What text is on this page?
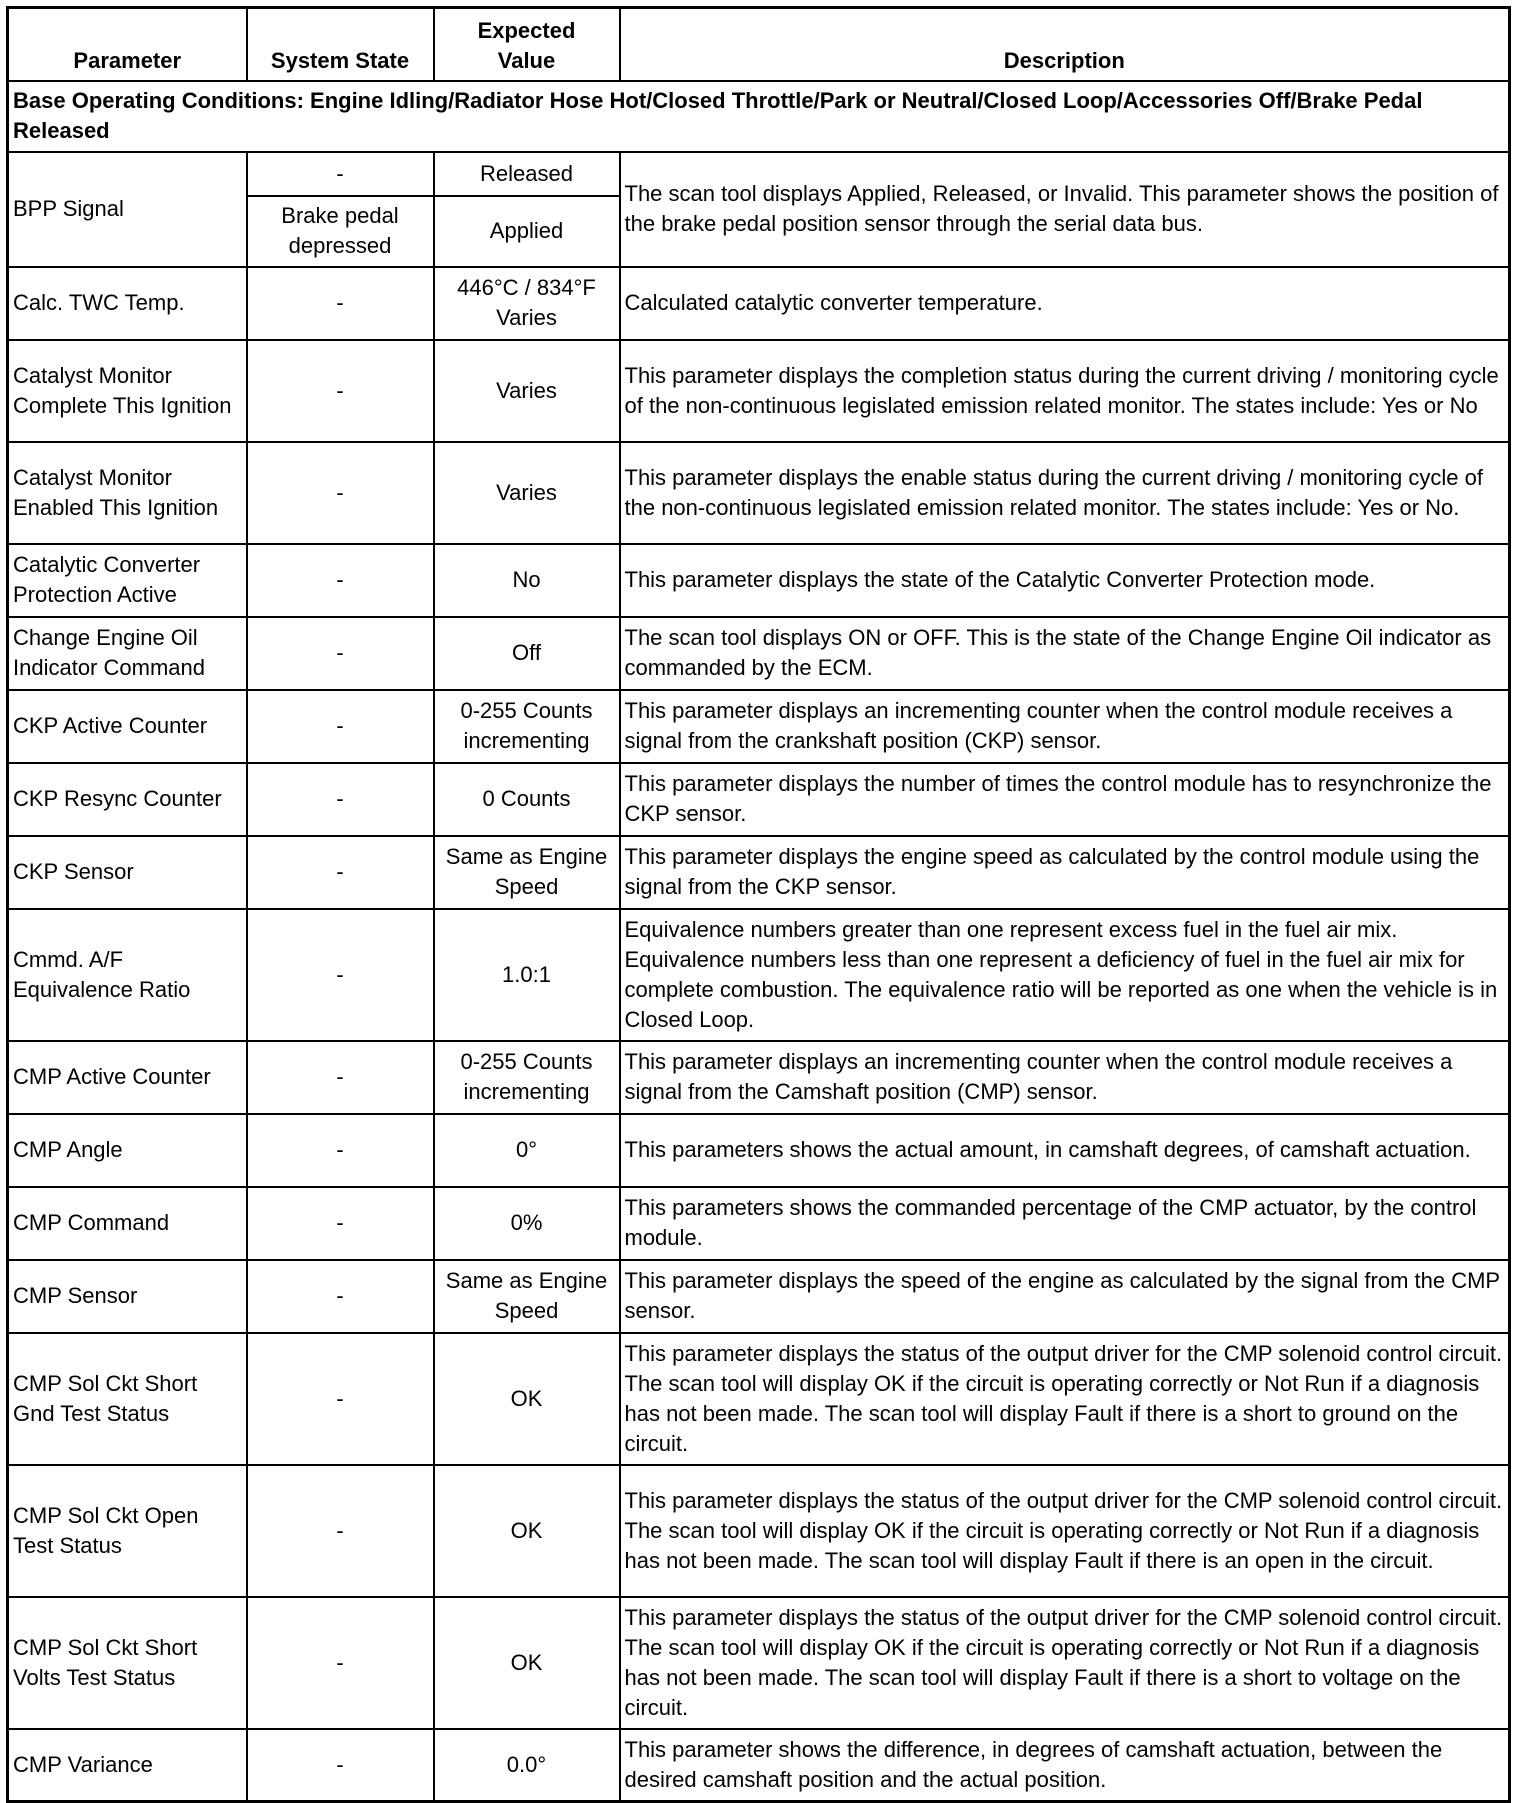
Parameter	System State	Expected Value	Description
Base Operating Conditions: Engine Idling/Radiator Hose Hot/Closed Throttle/Park or Neutral/Closed Loop/Accessories Off/Brake Pedal Released			
BPP Signal	-	Released	The scan tool displays Applied, Released, or Invalid. This parameter shows the position of the brake pedal position sensor through the serial data bus.
	Brake pedal depressed	Applied	
Calc. TWC Temp.	-	446°C / 834°F Varies	Calculated catalytic converter temperature.
Catalyst Monitor Complete This Ignition	-	Varies	This parameter displays the completion status during the current driving / monitoring cycle of the non-continuous legislated emission related monitor. The states include: Yes or No
Catalyst Monitor Enabled This Ignition	-	Varies	This parameter displays the enable status during the current driving / monitoring cycle of the non-continuous legislated emission related monitor. The states include: Yes or No.
Catalytic Converter Protection Active	-	No	This parameter displays the state of the Catalytic Converter Protection mode.
Change Engine Oil Indicator Command	-	Off	The scan tool displays ON or OFF. This is the state of the Change Engine Oil indicator as commanded by the ECM.
CKP Active Counter	-	0-255 Counts incrementing	This parameter displays an incrementing counter when the control module receives a signal from the crankshaft position (CKP) sensor.
CKP Resync Counter	-	0 Counts	This parameter displays the number of times the control module has to resynchronize the CKP sensor.
CKP Sensor	-	Same as Engine Speed	This parameter displays the engine speed as calculated by the control module using the signal from the CKP sensor.
Cmmd. A/F Equivalence Ratio	-	1.0:1	Equivalence numbers greater than one represent excess fuel in the fuel air mix. Equivalence numbers less than one represent a deficiency of fuel in the fuel air mix for complete combustion. The equivalence ratio will be reported as one when the vehicle is in Closed Loop.
CMP Active Counter	-	0-255 Counts incrementing	This parameter displays an incrementing counter when the control module receives a signal from the Camshaft position (CMP) sensor.
CMP Angle	-	0°	This parameters shows the actual amount, in camshaft degrees, of camshaft actuation.
CMP Command	-	0%	This parameters shows the commanded percentage of the CMP actuator, by the control module.
CMP Sensor	-	Same as Engine Speed	This parameter displays the speed of the engine as calculated by the signal from the CMP sensor.
CMP Sol Ckt Short Gnd Test Status	-	OK	This parameter displays the status of the output driver for the CMP solenoid control circuit. The scan tool will display OK if the circuit is operating correctly or Not Run if a diagnosis has not been made. The scan tool will display Fault if there is a short to ground on the circuit.
CMP Sol Ckt Open Test Status	-	OK	This parameter displays the status of the output driver for the CMP solenoid control circuit. The scan tool will display OK if the circuit is operating correctly or Not Run if a diagnosis has not been made. The scan tool will display Fault if there is an open in the circuit.
CMP Sol Ckt Short Volts Test Status	-	OK	This parameter displays the status of the output driver for the CMP solenoid control circuit. The scan tool will display OK if the circuit is operating correctly or Not Run if a diagnosis has not been made. The scan tool will display Fault if there is a short to voltage on the circuit.
CMP Variance	-	0.0°	This parameter shows the difference, in degrees of camshaft actuation, between the desired camshaft position and the actual position.
